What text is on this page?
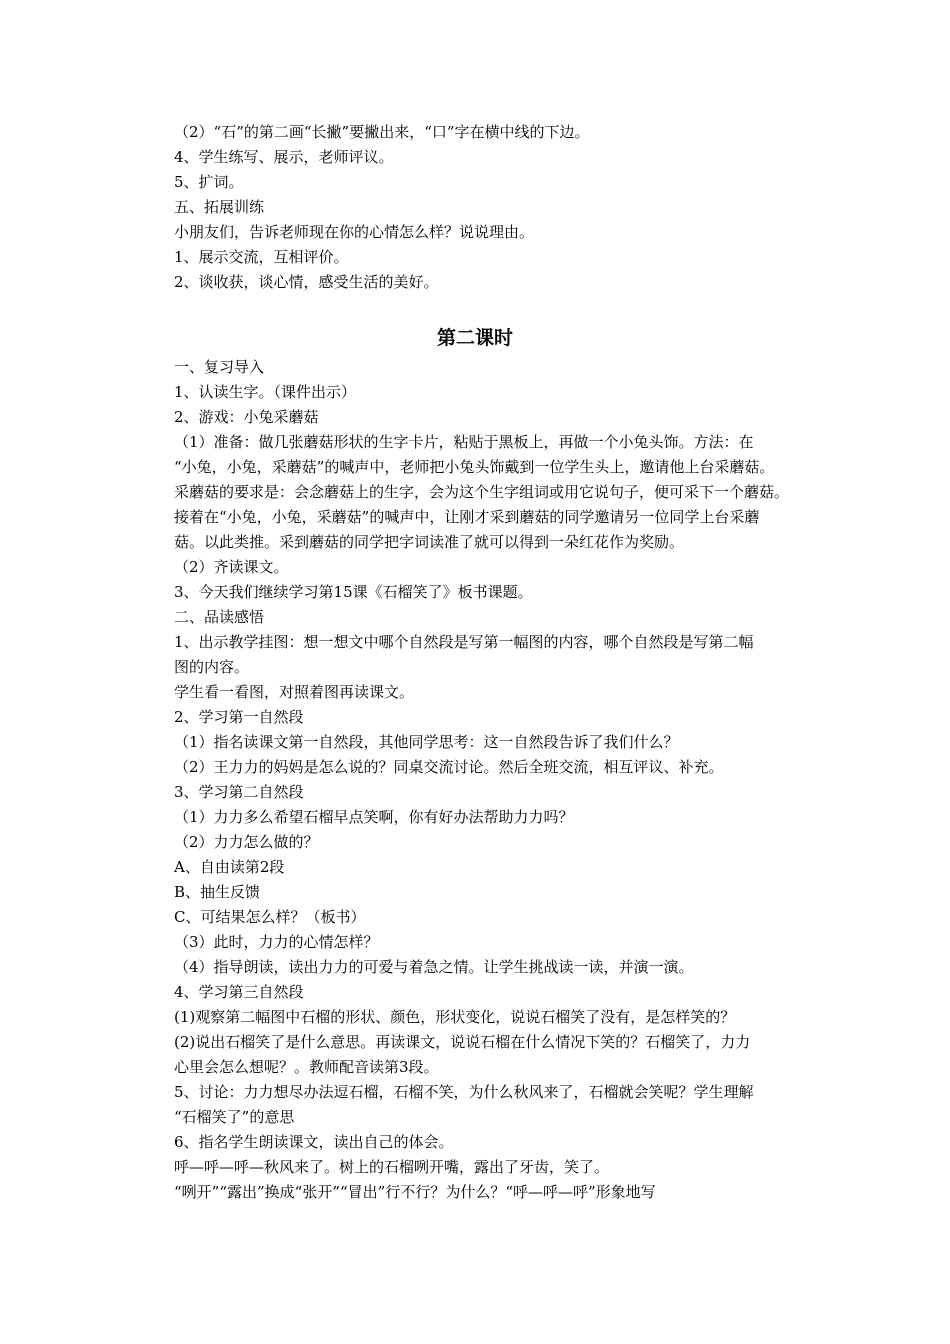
（2）“石”的第二画“长撇”要撇出来，“口”字在横中线的下边。
4、学生练写、展示，老师评议。
5、扩词。
五、拓展训练
小朋友们，告诉老师现在你的心情怎么样？说说理由。
1、展示交流，互相评价。
2、谈收获，谈心情，感受生活的美好。
第二课时
一、复习导入
1、认读生字。（课件出示）
2、游戏：小兔采蘑菇
（1）准备：做几张蘑菇形状的生字卡片，粘贴于黑板上，再做一个小兔头饰。方法：在
“小兔，小兔，采蘑菇”的喊声中，老师把小兔头饰戴到一位学生头上，邀请他上台采蘑菇。
采蘑菇的要求是：会念蘑菇上的生字，会为这个生字组词或用它说句子，便可采下一个蘑菇。
接着在“小兔，小兔，采蘑菇”的喊声中，让刚才采到蘑菇的同学邀请另一位同学上台采蘑
菇。以此类推。采到蘑菇的同学把字词读准了就可以得到一朵红花作为奖励。
（2）齐读课文。
3、今天我们继续学习第15课《石榴笑了》板书课题。
二、品读感悟
1、出示教学挂图：想一想文中哪个自然段是写第一幅图的内容，哪个自然段是写第二幅
图的内容。
学生看一看图，对照着图再读课文。
2、学习第一自然段
（1）指名读课文第一自然段，其他同学思考：这一自然段告诉了我们什么？
（2）王力力的妈妈是怎么说的？同桌交流讨论。然后全班交流，相互评议、补充。
3、学习第二自然段
（1）力力多么希望石榴早点笑啊，你有好办法帮助力力吗？
（2）力力怎么做的？
A、自由读第2段
B、抽生反馈
C、可结果怎么样？（板书）
（3）此时，力力的心情怎样？
（4）指导朗读，读出力力的可爱与着急之情。让学生挑战读一读，并演一演。
4、学习第三自然段
(1)观察第二幅图中石榴的形状、颜色，形状变化，说说石榴笑了没有，是怎样笑的？
(2)说出石榴笑了是什么意思。再读课文，说说石榴在什么情况下笑的？石榴笑了，力力
心里会怎么想呢？。教师配音读第3段。
5、讨论：力力想尽办法逗石榴，石榴不笑，为什么秋风来了，石榴就会笑呢？学生理解
“石榴笑了”的意思
6、指名学生朗读课文，读出自己的体会。
呼—呼—呼—秋风来了。树上的石榴咧开嘴，露出了牙齿，笑了。
“咧开”“露出”换成“张开”“冒出”行不行？为什么？“呼—呼—呼”形象地写
